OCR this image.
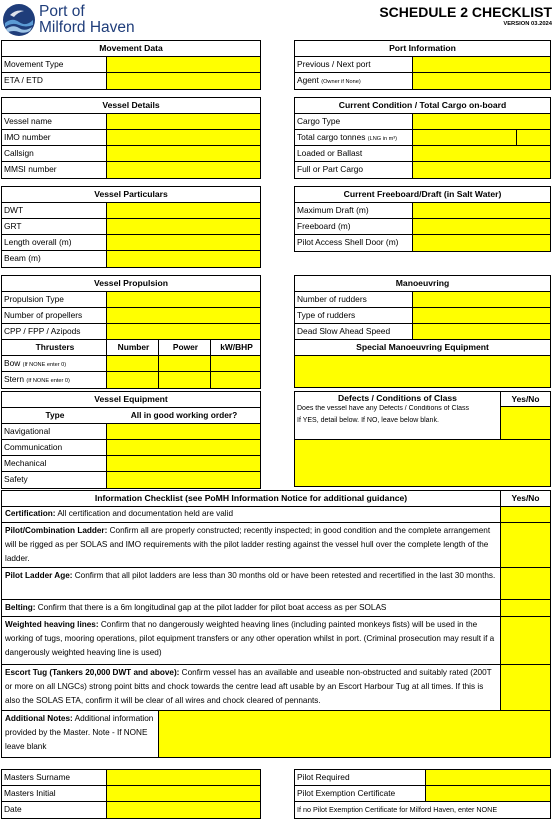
Port of
Milford Haven
SCHEDULE 2 CHECKLIST
VERSION 03.2024
Movement Data
Movement Type
ETA / ETD
Port Information
Previous / Next port
Agent (Owner if None)
Vessel Details
Vessel name
IMO number
Callsign
MMSI number
Current Condition / Total Cargo on-board
Cargo Type
Total cargo tonnes (LNG in m³)
Loaded or Ballast
Full or Part Cargo
Vessel Particulars
DWT
GRT
Length overall (m)
Beam (m)
Current Freeboard/Draft (in Salt Water)
Maximum Draft (m)
Freeboard (m)
Pilot Access Shell Door (m)
Vessel Propulsion
Propulsion Type
Number of propellers
CPP / FPP / Azipods
Thrusters	Number	Power	kW/BHP
Bow (If NONE enter 0)
Stern (If NONE enter 0)
Manoeuvring
Number of rudders
Type of rudders
Dead Slow Ahead Speed
Special Manoeuvring Equipment
Vessel Equipment
Type	All in good working order?
Navigational
Communication
Mechanical
Safety
Defects / Conditions of Class
Does the vessel have any Defects / Conditions of Class
If YES, detail below. If NO, leave below blank.
Yes/No
Information Checklist (see PoMH Information Notice for additional guidance)	Yes/No
Certification: All certification and documentation held are valid
Pilot/Combination Ladder: Confirm all are properly constructed; recently inspected; in good condition and the complete arrangement will be rigged as per SOLAS and IMO requirements with the pilot ladder resting against the vessel hull over the complete length of the ladder.
Pilot Ladder Age: Confirm that all pilot ladders are less than 30 months old or have been retested and recertified in the last 30 months.
Belting: Confirm that there is a 6m longitudinal gap at the pilot ladder for pilot boat access as per SOLAS
Weighted heaving lines: Confirm that no dangerously weighted heaving lines (including painted monkeys fists) will be used in the working of tugs, mooring operations, pilot equipment transfers or any other operation whilst in port. (Criminal prosecution may result if a dangerously weighted heaving line is used)
Escort Tug (Tankers 20,000 DWT and above): Confirm vessel has an available and useable non-obstructed and suitably rated (200T or more on all LNGCs) strong point bitts and chock towards the centre lead aft usable by an Escort Harbour Tug at all times. If this is also the SOLAS ETA, confirm it will be clear of all wires and chock cleared of pennants.
Additional Notes: Additional information provided by the Master. Note - If NONE leave blank
Masters Surname
Masters Initial
Date
Pilot Required
Pilot Exemption Certificate
If no Pilot Exemption Certificate for Milford Haven, enter NONE
